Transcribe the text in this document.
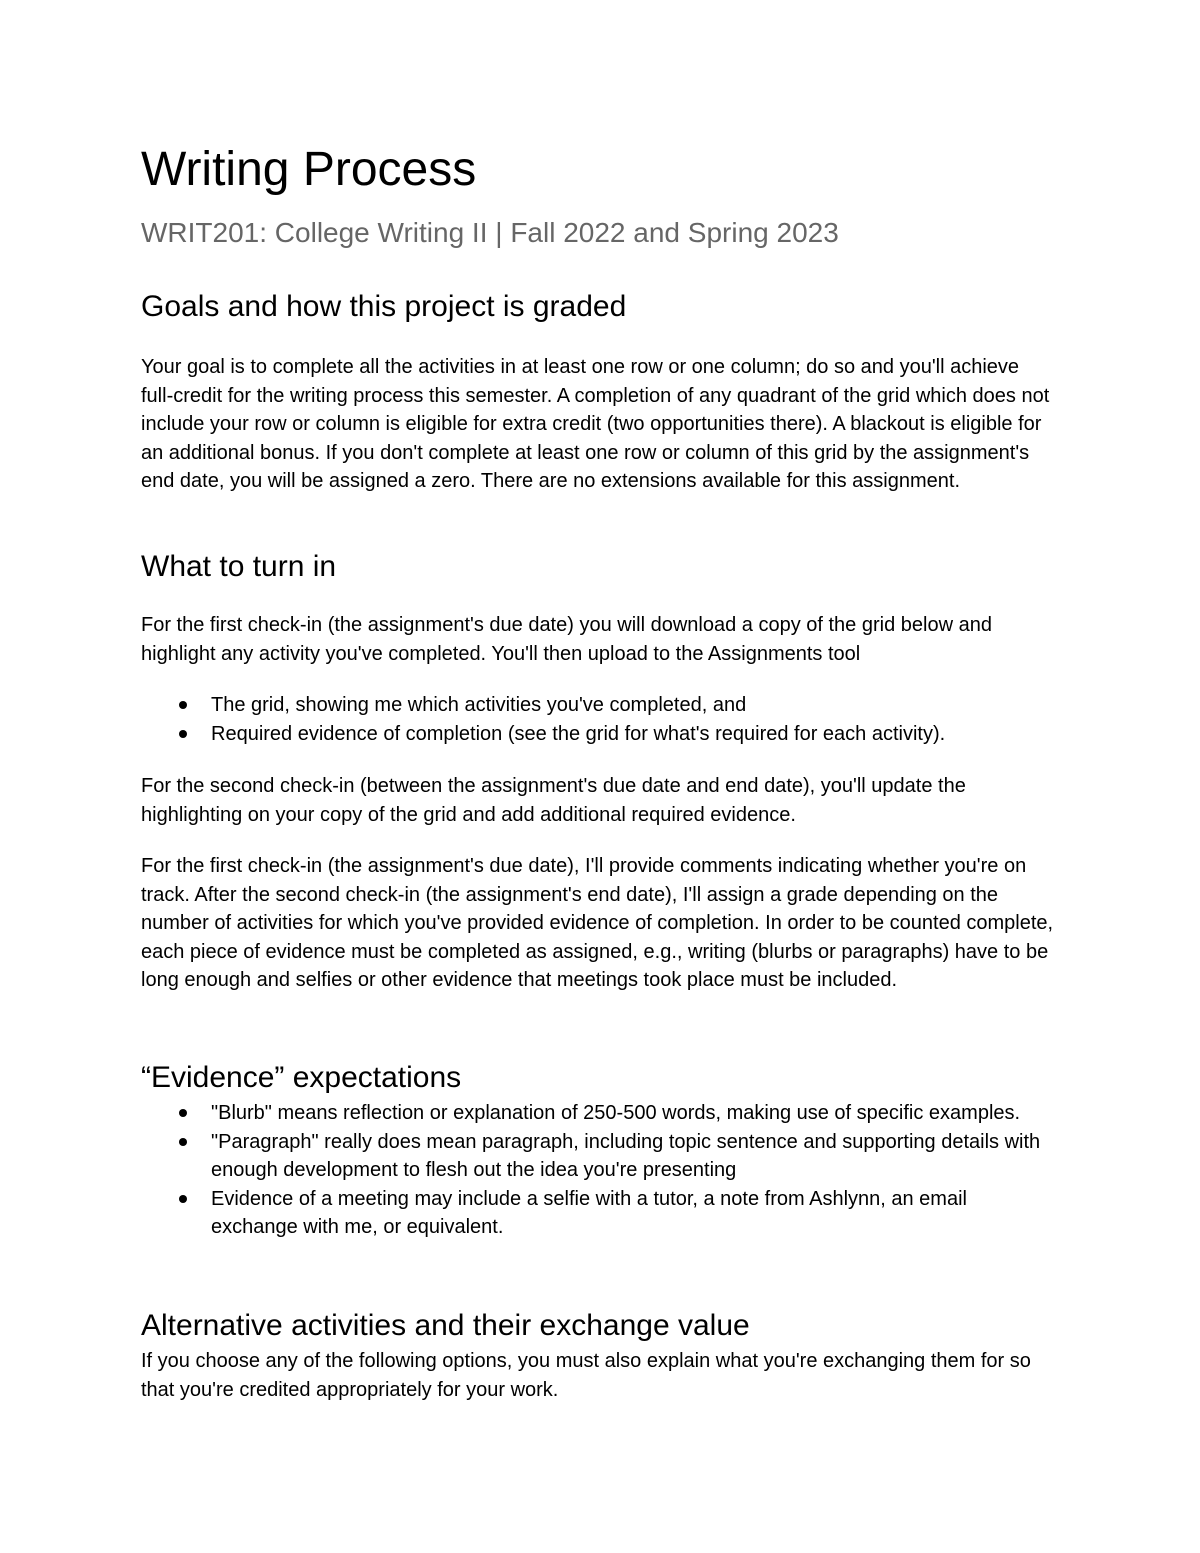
Writing Process

WRIT201: College Writing II | Fall 2022 and Spring 2023

Goals and how this project is graded

Your goal is to complete all the activities in at least one row or one column; do so and you'll achieve full-credit for the writing process this semester. A completion of any quadrant of the grid which does not include your row or column is eligible for extra credit (two opportunities there). A blackout is eligible for an additional bonus. If you don't complete at least one row or column of this grid by the assignment's end date, you will be assigned a zero. There are no extensions available for this assignment.

What to turn in

For the first check-in (the assignment's due date) you will download a copy of the grid below and highlight any activity you've completed. You'll then upload to the Assignments tool

The grid, showing me which activities you've completed, and
Required evidence of completion (see the grid for what's required for each activity).

For the second check-in (between the assignment's due date and end date), you'll update the highlighting on your copy of the grid and add additional required evidence.

For the first check-in (the assignment's due date), I'll provide comments indicating whether you're on track. After the second check-in (the assignment's end date), I'll assign a grade depending on the number of activities for which you've provided evidence of completion. In order to be counted complete, each piece of evidence must be completed as assigned, e.g., writing (blurbs or paragraphs) have to be long enough and selfies or other evidence that meetings took place must be included.

“Evidence” expectations
"Blurb" means reflection or explanation of 250-500 words, making use of specific examples.
"Paragraph" really does mean paragraph, including topic sentence and supporting details with enough development to flesh out the idea you're presenting
Evidence of a meeting may include a selfie with a tutor, a note from Ashlynn, an email exchange with me, or equivalent.
Alternative activities and their exchange value

If you choose any of the following options, you must also explain what you're exchanging them for so that you're credited appropriately for your work.
